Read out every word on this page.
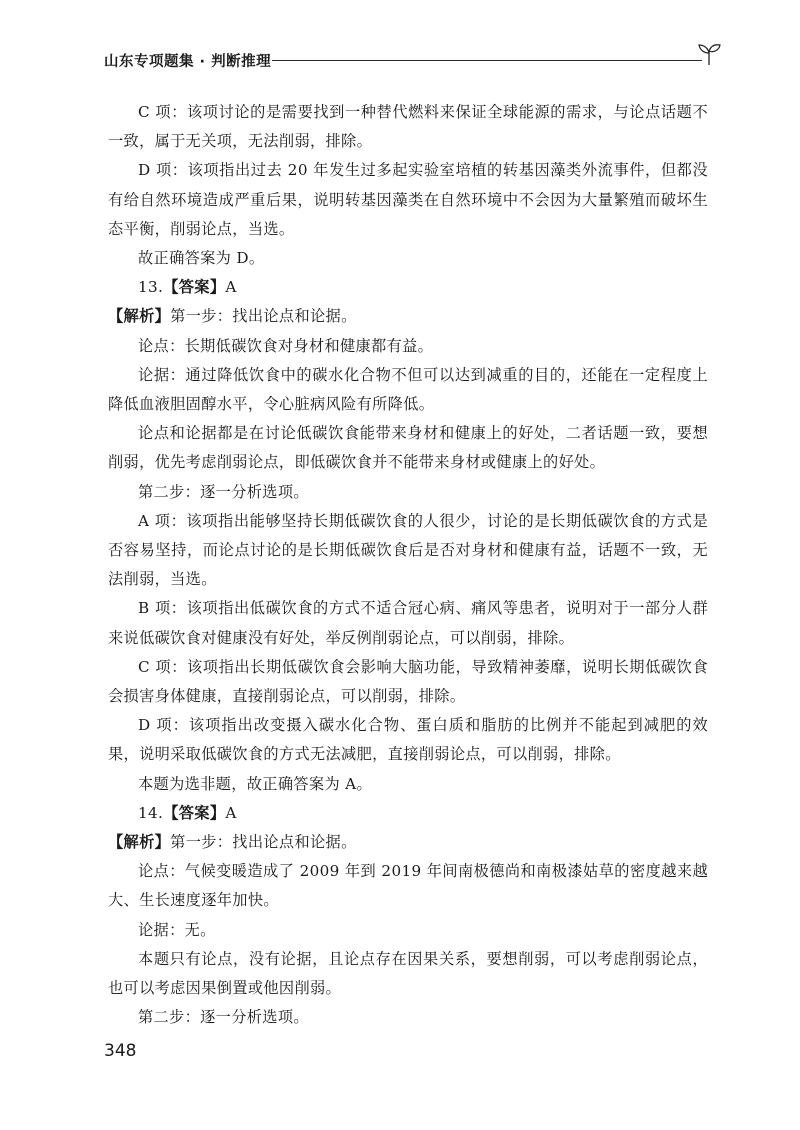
山东专项题集 · 判断推理

C 项：该项讨论的是需要找到一种替代燃料来保证全球能源的需求，与论点话题不一致，属于无关项，无法削弱，排除。

D 项：该项指出过去 20 年发生过多起实验室培植的转基因藻类外流事件，但都没有给自然环境造成严重后果，说明转基因藻类在自然环境中不会因为大量繁殖而破坏生态平衡，削弱论点，当选。

故正确答案为 D。

13.【答案】A

【解析】第一步：找出论点和论据。

论点：长期低碳饮食对身材和健康都有益。

论据：通过降低饮食中的碳水化合物不但可以达到减重的目的，还能在一定程度上降低血液胆固醇水平，令心脏病风险有所降低。

论点和论据都是在讨论低碳饮食能带来身材和健康上的好处，二者话题一致，要想削弱，优先考虑削弱论点，即低碳饮食并不能带来身材或健康上的好处。

第二步：逐一分析选项。

A 项：该项指出能够坚持长期低碳饮食的人很少，讨论的是长期低碳饮食的方式是否容易坚持，而论点讨论的是长期低碳饮食后是否对身材和健康有益，话题不一致，无法削弱，当选。

B 项：该项指出低碳饮食的方式不适合冠心病、痛风等患者，说明对于一部分人群来说低碳饮食对健康没有好处，举反例削弱论点，可以削弱，排除。

C 项：该项指出长期低碳饮食会影响大脑功能，导致精神萎靡，说明长期低碳饮食会损害身体健康，直接削弱论点，可以削弱，排除。

D 项：该项指出改变摄入碳水化合物、蛋白质和脂肪的比例并不能起到减肥的效果，说明采取低碳饮食的方式无法减肥，直接削弱论点，可以削弱，排除。

本题为选非题，故正确答案为 A。

14.【答案】A

【解析】第一步：找出论点和论据。

论点：气候变暖造成了 2009 年到 2019 年间南极德尚和南极漆姑草的密度越来越大、生长速度逐年加快。

论据：无。

本题只有论点，没有论据，且论点存在因果关系，要想削弱，可以考虑削弱论点，也可以考虑因果倒置或他因削弱。

第二步：逐一分析选项。

348
